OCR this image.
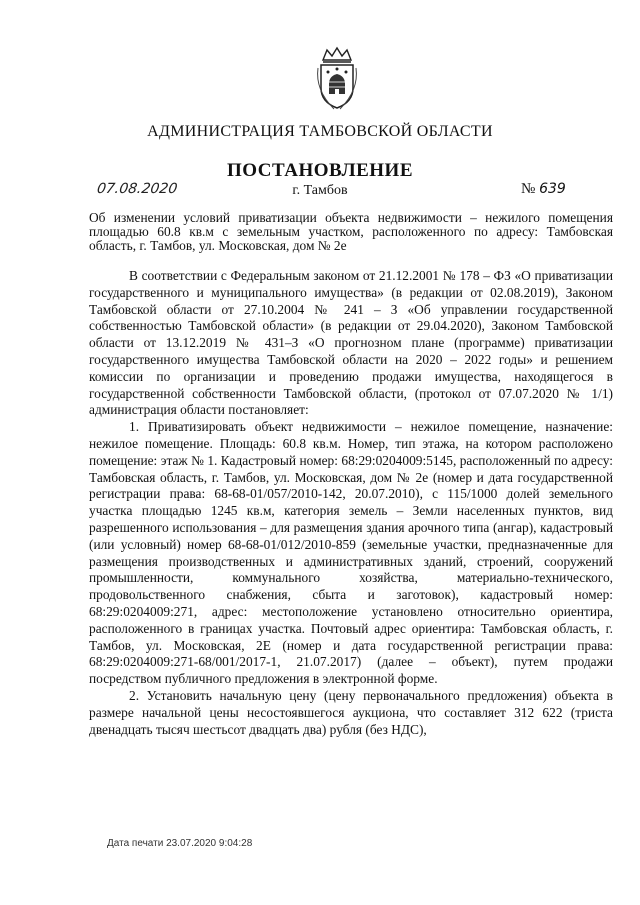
АДМИНИСТРАЦИЯ ТАМБОВСКОЙ ОБЛАСТИ
ПОСТАНОВЛЕНИЕ
07.08.2020	г. Тамбов	№ 639
Об изменении условий приватизации объекта недвижимости – нежилого помещения площадью 60.8 кв.м с земельным участком, расположенного по адресу: Тамбовская область, г. Тамбов, ул. Московская, дом № 2е

В соответствии с Федеральным законом от 21.12.2001 № 178 – ФЗ «О приватизации государственного и муниципального имущества» (в редакции от 02.08.2019), Законом Тамбовской области от 27.10.2004 № 241 – З «Об управлении государственной собственностью Тамбовской области» (в редакции от 29.04.2020), Законом Тамбовской области от 13.12.2019 № 431–З «О прогнозном плане (программе) приватизации государственного имущества Тамбовской области на 2020 – 2022 годы» и решением комиссии по организации и проведению продажи имущества, находящегося в государственной собственности Тамбовской области, (протокол от 07.07.2020 № 1/1) администрация области постановляет:

1. Приватизировать объект недвижимости – нежилое помещение, назначение: нежилое помещение. Площадь: 60.8 кв.м. Номер, тип этажа, на котором расположено помещение: этаж № 1. Кадастровый номер: 68:29:0204009:5145, расположенный по адресу: Тамбовская область, г. Тамбов, ул. Московская, дом № 2е (номер и дата государственной регистрации права: 68-68-01/057/2010-142, 20.07.2010), с 115/1000 долей земельного участка площадью 1245 кв.м, категория земель – Земли населенных пунктов, вид разрешенного использования – для размещения здания арочного типа (ангар), кадастровый (или условный) номер 68-68-01/012/2010-859 (земельные участки, предназначенные для размещения производственных и административных зданий, строений, сооружений промышленности, коммунального хозяйства, материально-технического, продовольственного снабжения, сбыта и заготовок), кадастровый номер: 68:29:0204009:271, адрес: местоположение установлено относительно ориентира, расположенного в границах участка. Почтовый адрес ориентира: Тамбовская область, г. Тамбов, ул. Московская, 2Е (номер и дата государственной регистрации права: 68:29:0204009:271-68/001/2017-1, 21.07.2017) (далее – объект), путем продажи посредством публичного предложения в электронной форме.

2. Установить начальную цену (цену первоначального предложения) объекта в размере начальной цены несостоявшегося аукциона, что составляет 312 622 (триста двенадцать тысяч шестьсот двадцать два) рубля (без НДС),

Дата печати 23.07.2020 9:04:28
